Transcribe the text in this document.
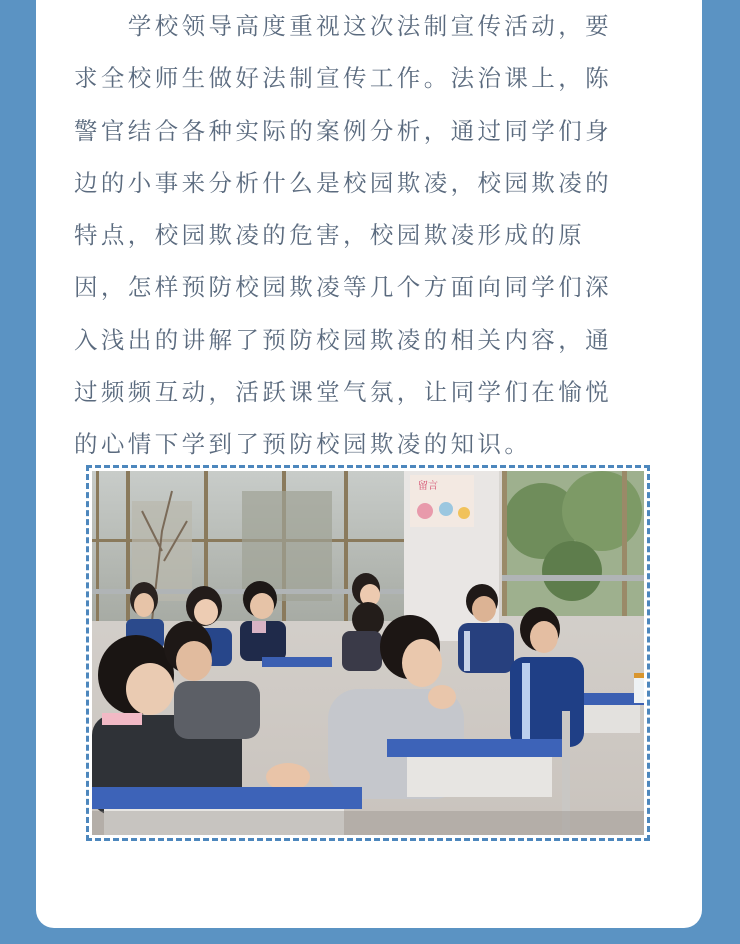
　　学校领导高度重视这次法制宣传活动，要
求全校师生做好法制宣传工作。法治课上，陈
警官结合各种实际的案例分析，通过同学们身
边的小事来分析什么是校园欺凌，校园欺凌的
特点，校园欺凌的危害，校园欺凌形成的原
因，怎样预防校园欺凌等几个方面向同学们深
入浅出的讲解了预防校园欺凌的相关内容，通
过频频互动，活跃课堂气氛，让同学们在愉悦
的心情下学到了预防校园欺凌的知识。
留言
